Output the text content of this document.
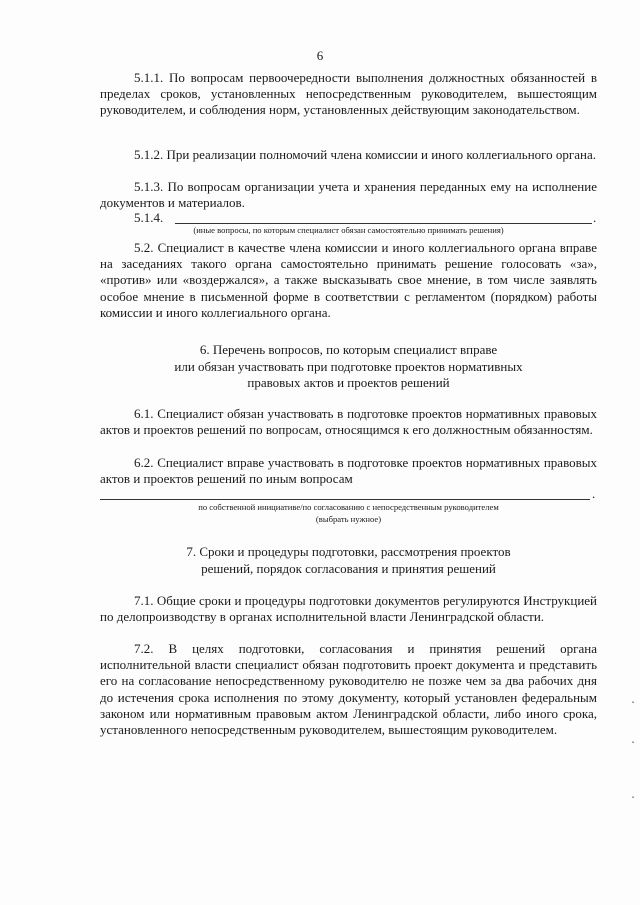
6

5.1.1. По вопросам первоочередности выполнения должностных обязанностей в пределах сроков, установленных непосредственным руководителем, вышестоящим руководителем, и соблюдения норм, установленных действующим законодательством.

5.1.2. При реализации полномочий члена комиссии и иного коллегиального органа.

5.1.3. По вопросам организации учета и хранения переданных ему на исполнение документов и материалов.

5.1.4.	.

(иные вопросы, по которым специалист обязан самостоятельно принимать решения)

5.2. Специалист в качестве члена комиссии и иного коллегиального органа вправе на заседаниях такого органа самостоятельно принимать решение голосовать «за», «против» или «воздержался», а также высказывать свое мнение, в том числе заявлять особое мнение в письменной форме в соответствии с регламентом (порядком) работы комиссии и иного коллегиального органа.

6. Перечень вопросов, по которым специалист вправе
или обязан участвовать при подготовке проектов нормативных
правовых актов и проектов решений

6.1. Специалист обязан участвовать в подготовке проектов нормативных правовых актов и проектов решений по вопросам, относящимся к его должностным обязанностям.

6.2. Специалист вправе участвовать в подготовке проектов нормативных правовых актов и проектов решений по иным вопросам

.

по собственной инициативе/по согласованию с непосредственным руководителем

(выбрать нужное)

7. Сроки и процедуры подготовки, рассмотрения проектов
решений, порядок согласования и принятия решений

7.1. Общие сроки и процедуры подготовки документов регулируются Инструкцией по делопроизводству в органах исполнительной власти Ленинградской области.

7.2. В целях подготовки, согласования и принятия решений органа исполнительной власти специалист обязан подготовить проект документа и представить его на согласование непосредственному руководителю не позже чем за два рабочих дня до истечения срока исполнения по этому документу, который установлен федеральным законом или нормативным правовым актом Ленинградской области, либо иного срока, установленного непосредственным руководителем, вышестоящим руководителем.

▪
▪
▪
